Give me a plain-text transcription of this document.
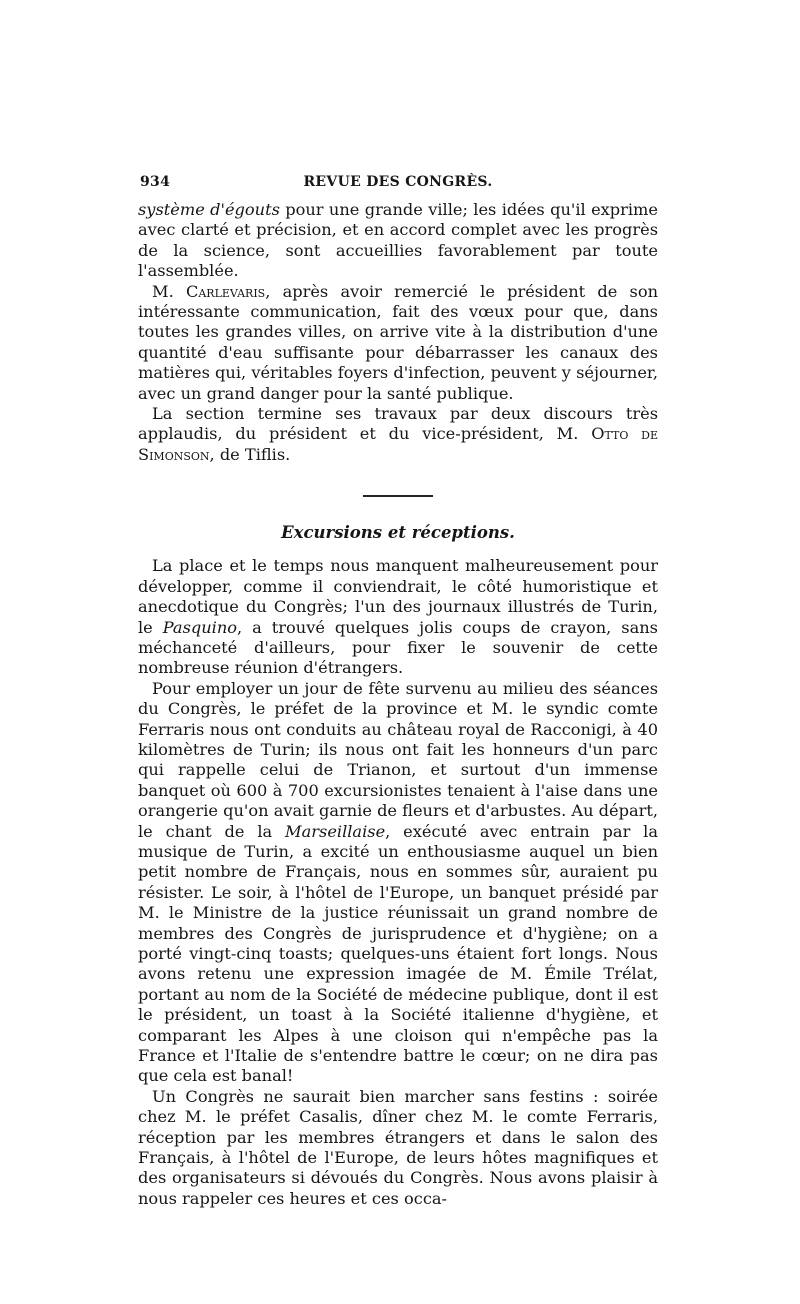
934	REVUE DES CONGRÈS.

système d'égouts pour une grande ville; les idées qu'il exprime avec clarté et précision, et en accord complet avec les progrès de la science, sont accueillies favorablement par toute l'assemblée.

M. Carlevaris, après avoir remercié le président de son intéressante communication, fait des vœux pour que, dans toutes les grandes villes, on arrive vite à la distribution d'une quantité d'eau suffisante pour débarrasser les canaux des matières qui, véritables foyers d'infection, peuvent y séjourner, avec un grand danger pour la santé publique.

La section termine ses travaux par deux discours très applaudis, du président et du vice-président, M. Otto de Simonson, de Tiflis.

Excursions et réceptions.

La place et le temps nous manquent malheureusement pour développer, comme il conviendrait, le côté humoristique et anecdotique du Congrès; l'un des journaux illustrés de Turin, le Pasquino, a trouvé quelques jolis coups de crayon, sans méchanceté d'ailleurs, pour fixer le souvenir de cette nombreuse réunion d'étrangers.

Pour employer un jour de fête survenu au milieu des séances du Congrès, le préfet de la province et M. le syndic comte Ferraris nous ont conduits au château royal de Racconigi, à 40 kilomètres de Turin; ils nous ont fait les honneurs d'un parc qui rappelle celui de Trianon, et surtout d'un immense banquet où 600 à 700 excursionistes tenaient à l'aise dans une orangerie qu'on avait garnie de fleurs et d'arbustes. Au départ, le chant de la Marseillaise, exécuté avec entrain par la musique de Turin, a excité un enthousiasme auquel un bien petit nombre de Français, nous en sommes sûr, auraient pu résister. Le soir, à l'hôtel de l'Europe, un banquet présidé par M. le Ministre de la justice réunissait un grand nombre de membres des Congrès de jurisprudence et d'hygiène; on a porté vingt-cinq toasts; quelques-uns étaient fort longs. Nous avons retenu une expression imagée de M. Émile Trélat, portant au nom de la Société de médecine publique, dont il est le président, un toast à la Société italienne d'hygiène, et comparant les Alpes à une cloison qui n'empêche pas la France et l'Italie de s'entendre battre le cœur; on ne dira pas que cela est banal!

Un Congrès ne saurait bien marcher sans festins : soirée chez M. le préfet Casalis, dîner chez M. le comte Ferraris, réception par les membres étrangers et dans le salon des Français, à l'hôtel de l'Europe, de leurs hôtes magnifiques et des organisateurs si dévoués du Congrès. Nous avons plaisir à nous rappeler ces heures et ces occa-
